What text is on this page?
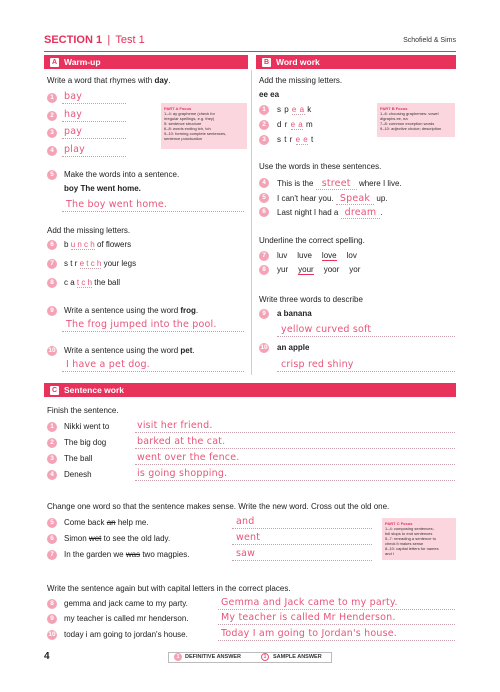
SECTION 1 | Test 1	Schofield & Sims
A Warm-up
Write a word that rhymes with day.
1	bay
2	hay
3	pay
4	play
PART A Focus
1–4: ay grapheme (check for
irregular spellings, e.g. they)
5: sentence structure
6–8: words ending tch, tch
9–10: forming complete sentences,
sentence punctuation
5	Make the words into a sentence.
boy The went home.
The boy went home.
Add the missing letters.
6	b u n c h of flowers
7	s t r e t c h your legs
8	c a t c h the ball
9	Write a sentence using the word frog.
The frog jumped into the pool.
10 Write a sentence using the word pet.
I have a pet dog.
B Word work
Add the missing letters.
ee ea
1	s p e a k
2	d r e a m
3	s t r e e t
PART B Focus
1–6: choosing graphemes: vowel
digraphs ee, ea
7–8: common exception words
9–10: adjective choice; description
Use the words in these sentences.
4	This is the street where I live.
5	I can't hear you. Speak up.
6	Last night I had a dream .
Underline the correct spelling.
7	luv luve love lov
8	yur your yoor yor
Write three words to describe
9	a banana
yellow curved soft
10 an apple
crisp red shiny
C Sentence work
Finish the sentence.
1	Nikki went to	visit her friend.
2	The big dog	barked at the cat.
3	The ball	went over the fence.
4	Denesh	is going shopping.
Change one word so that the sentence makes sense. Write the new word. Cross out the old one.
5	Come back an help me.	and
6	Simon wet to see the old lady.	went
7	In the garden we was two magpies.	saw
PART C Focus
1–4: composing sentences;
full stops to end sentences
5–7: rereading a sentence to
check it makes sense
8–10: capital letters for names
and I
Write the sentence again but with capital letters in the correct places.
8	gemma and jack came to my party.	Gemma and Jack came to my party.
9	my teacher is called mr henderson.	My teacher is called Mr Henderson.
10 today i am going to jordan's house.	Today I am going to Jordan's house.
4	1	DEFINITIVE ANSWER	1	SAMPLE ANSWER
